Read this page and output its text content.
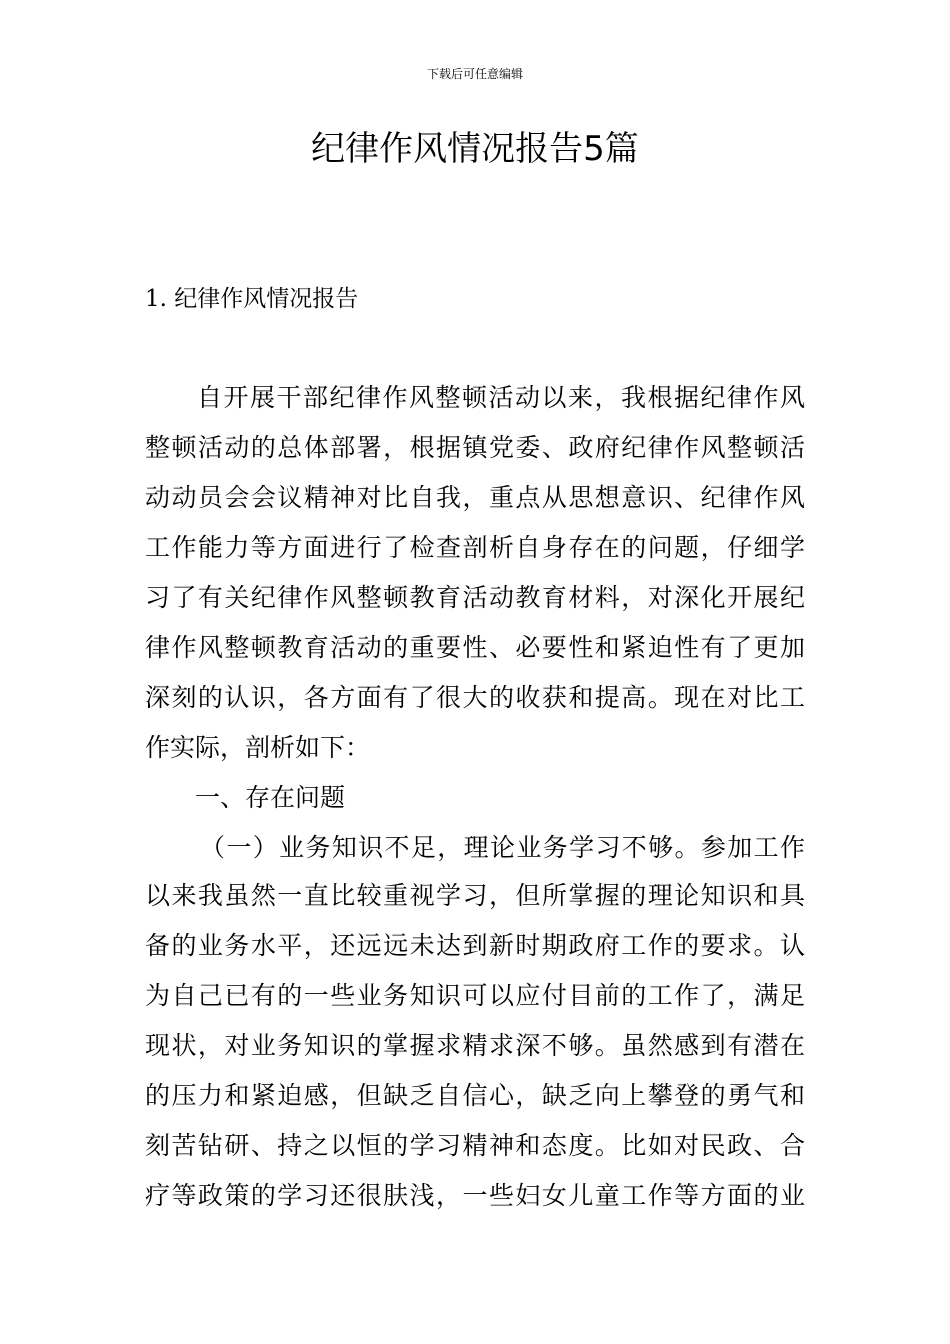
下载后可任意编辑
纪律作风情况报告5篇
1. 纪律作风情况报告
自开展干部纪律作风整顿活动以来，我根据纪律作风
整顿活动的总体部署，根据镇党委、政府纪律作风整顿活
动动员会会议精神对比自我，重点从思想意识、纪律作风
工作能力等方面进行了检查剖析自身存在的问题，仔细学
习了有关纪律作风整顿教育活动教育材料，对深化开展纪
律作风整顿教育活动的重要性、必要性和紧迫性有了更加
深刻的认识，各方面有了很大的收获和提高。现在对比工
作实际，剖析如下：
一、存在问题
（一）业务知识不足，理论业务学习不够。参加工作
以来我虽然一直比较重视学习，但所掌握的理论知识和具
备的业务水平，还远远未达到新时期政府工作的要求。认
为自己已有的一些业务知识可以应付目前的工作了，满足
现状，对业务知识的掌握求精求深不够。虽然感到有潜在
的压力和紧迫感，但缺乏自信心，缺乏向上攀登的勇气和
刻苦钻研、持之以恒的学习精神和态度。比如对民政、合
疗等政策的学习还很肤浅，一些妇女儿童工作等方面的业
